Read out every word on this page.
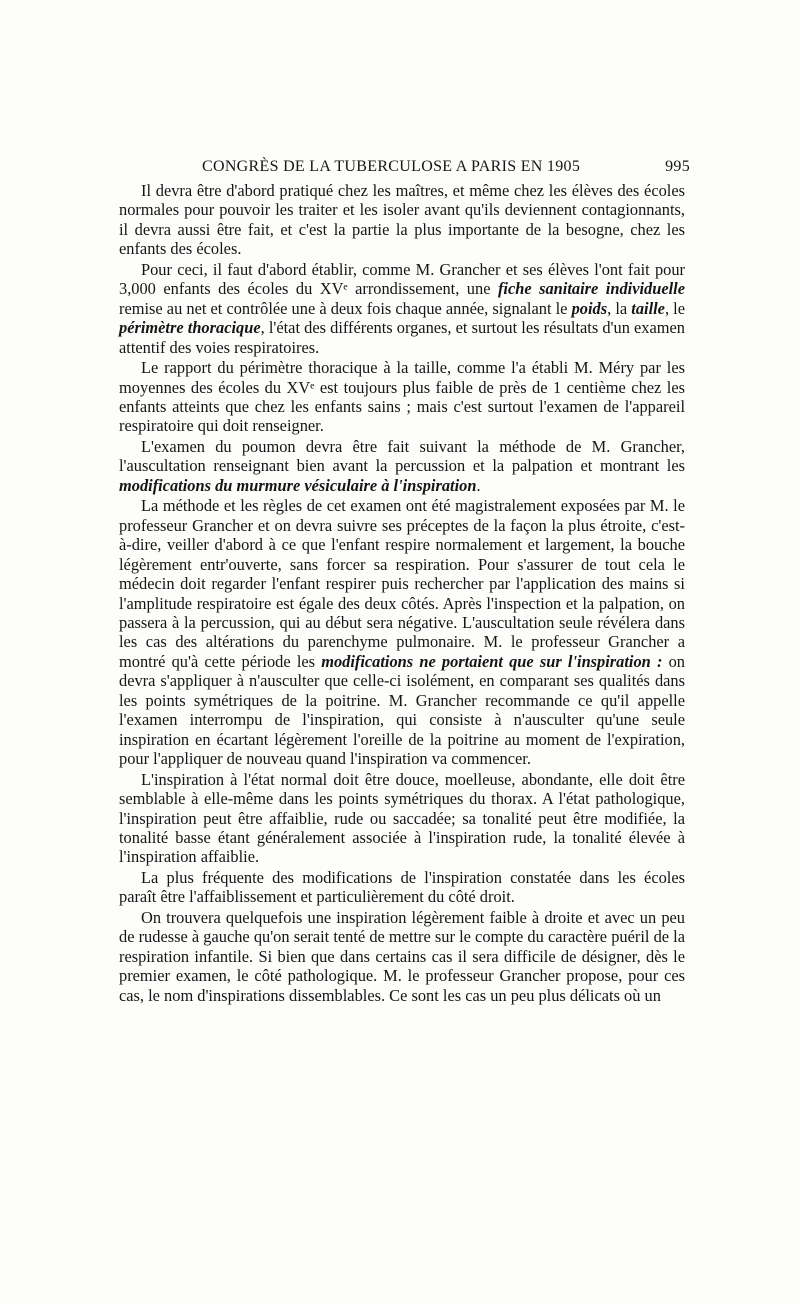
CONGRÈS DE LA TUBERCULOSE A PARIS EN 1905	995

Il devra être d'abord pratiqué chez les maîtres, et même chez les élèves des écoles normales pour pouvoir les traiter et les isoler avant qu'ils deviennent contagionnants, il devra aussi être fait, et c'est la partie la plus importante de la besogne, chez les enfants des écoles.

Pour ceci, il faut d'abord établir, comme M. Grancher et ses élèves l'ont fait pour 3,000 enfants des écoles du XVᵉ arrondissement, une fiche sanitaire individuelle remise au net et contrôlée une à deux fois chaque année, signalant le poids, la taille, le périmètre thoracique, l'état des différents organes, et surtout les résultats d'un examen attentif des voies respiratoires.

Le rapport du périmètre thoracique à la taille, comme l'a établi M. Méry par les moyennes des écoles du XVᵉ est toujours plus faible de près de 1 centième chez les enfants atteints que chez les enfants sains ; mais c'est surtout l'examen de l'appareil respiratoire qui doit renseigner.

L'examen du poumon devra être fait suivant la méthode de M. Grancher, l'auscultation renseignant bien avant la percussion et la palpation et montrant les modifications du murmure vésiculaire à l'inspiration.

La méthode et les règles de cet examen ont été magistralement exposées par M. le professeur Grancher et on devra suivre ses préceptes de la façon la plus étroite, c'est-à-dire, veiller d'abord à ce que l'enfant respire normalement et largement, la bouche légèrement entr'ouverte, sans forcer sa respiration. Pour s'assurer de tout cela le médecin doit regarder l'enfant respirer puis rechercher par l'application des mains si l'amplitude respiratoire est égale des deux côtés. Après l'inspection et la palpation, on passera à la percussion, qui au début sera négative. L'auscultation seule révélera dans les cas des altérations du parenchyme pulmonaire. M. le professeur Grancher a montré qu'à cette période les modifications ne portaient que sur l'inspiration : on devra s'appliquer à n'ausculter que celle-ci isolément, en comparant ses qualités dans les points symétriques de la poitrine. M. Grancher recommande ce qu'il appelle l'examen interrompu de l'inspiration, qui consiste à n'ausculter qu'une seule inspiration en écartant légèrement l'oreille de la poitrine au moment de l'expiration, pour l'appliquer de nouveau quand l'inspiration va commencer.

L'inspiration à l'état normal doit être douce, moelleuse, abondante, elle doit être semblable à elle-même dans les points symétriques du thorax. A l'état pathologique, l'inspiration peut être affaiblie, rude ou saccadée; sa tonalité peut être modifiée, la tonalité basse étant généralement associée à l'inspiration rude, la tonalité élevée à l'inspiration affaiblie.

La plus fréquente des modifications de l'inspiration constatée dans les écoles paraît être l'affaiblissement et particulièrement du côté droit.

On trouvera quelquefois une inspiration légèrement faible à droite et avec un peu de rudesse à gauche qu'on serait tenté de mettre sur le compte du caractère puéril de la respiration infantile. Si bien que dans certains cas il sera difficile de désigner, dès le premier examen, le côté pathologique. M. le professeur Grancher propose, pour ces cas, le nom d'inspirations dissemblables. Ce sont les cas un peu plus délicats où un
